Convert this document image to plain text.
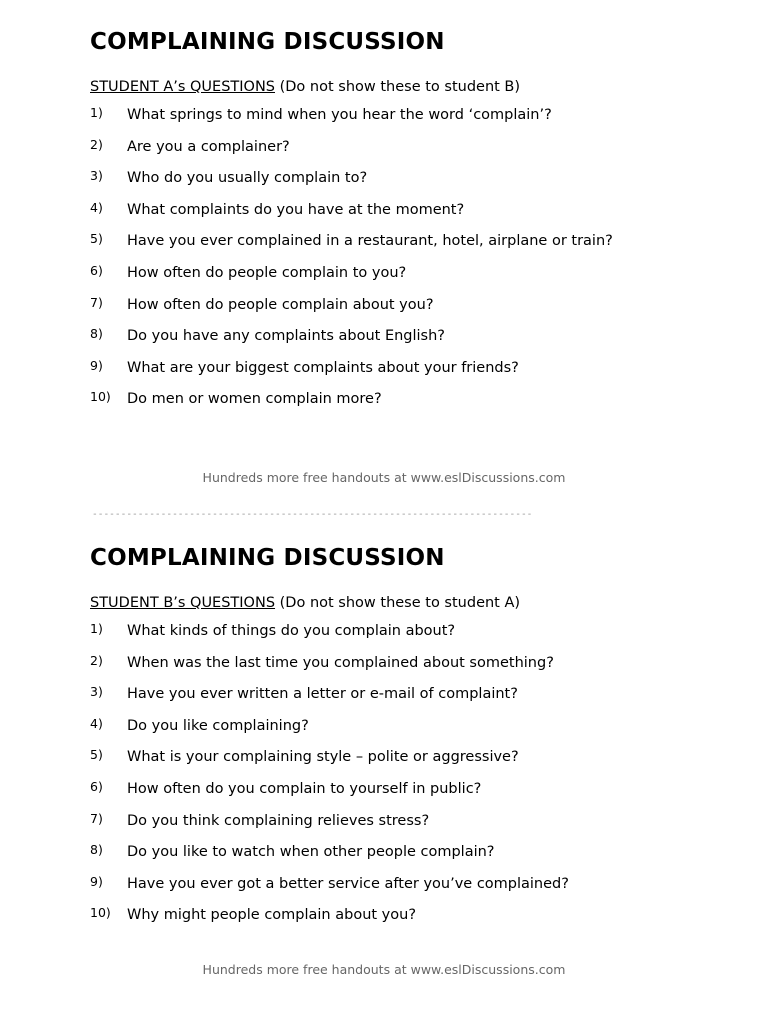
COMPLAINING DISCUSSION
STUDENT A’s QUESTIONS (Do not show these to student B)
1) What springs to mind when you hear the word ‘complain’?
2) Are you a complainer?
3) Who do you usually complain to?
4) What complaints do you have at the moment?
5) Have you ever complained in a restaurant, hotel, airplane or train?
6) How often do people complain to you?
7) How often do people complain about you?
8) Do you have any complaints about English?
9) What are your biggest complaints about your friends?
10) Do men or women complain more?
Hundreds more free handouts at www.eslDiscussions.com
-----------------------------------------------------------------------------
COMPLAINING DISCUSSION
STUDENT B’s QUESTIONS (Do not show these to student A)
1) What kinds of things do you complain about?
2) When was the last time you complained about something?
3) Have you ever written a letter or e-mail of complaint?
4) Do you like complaining?
5) What is your complaining style – polite or aggressive?
6) How often do you complain to yourself in public?
7) Do you think complaining relieves stress?
8) Do you like to watch when other people complain?
9) Have you ever got a better service after you’ve complained?
10) Why might people complain about you?
Hundreds more free handouts at www.eslDiscussions.com
